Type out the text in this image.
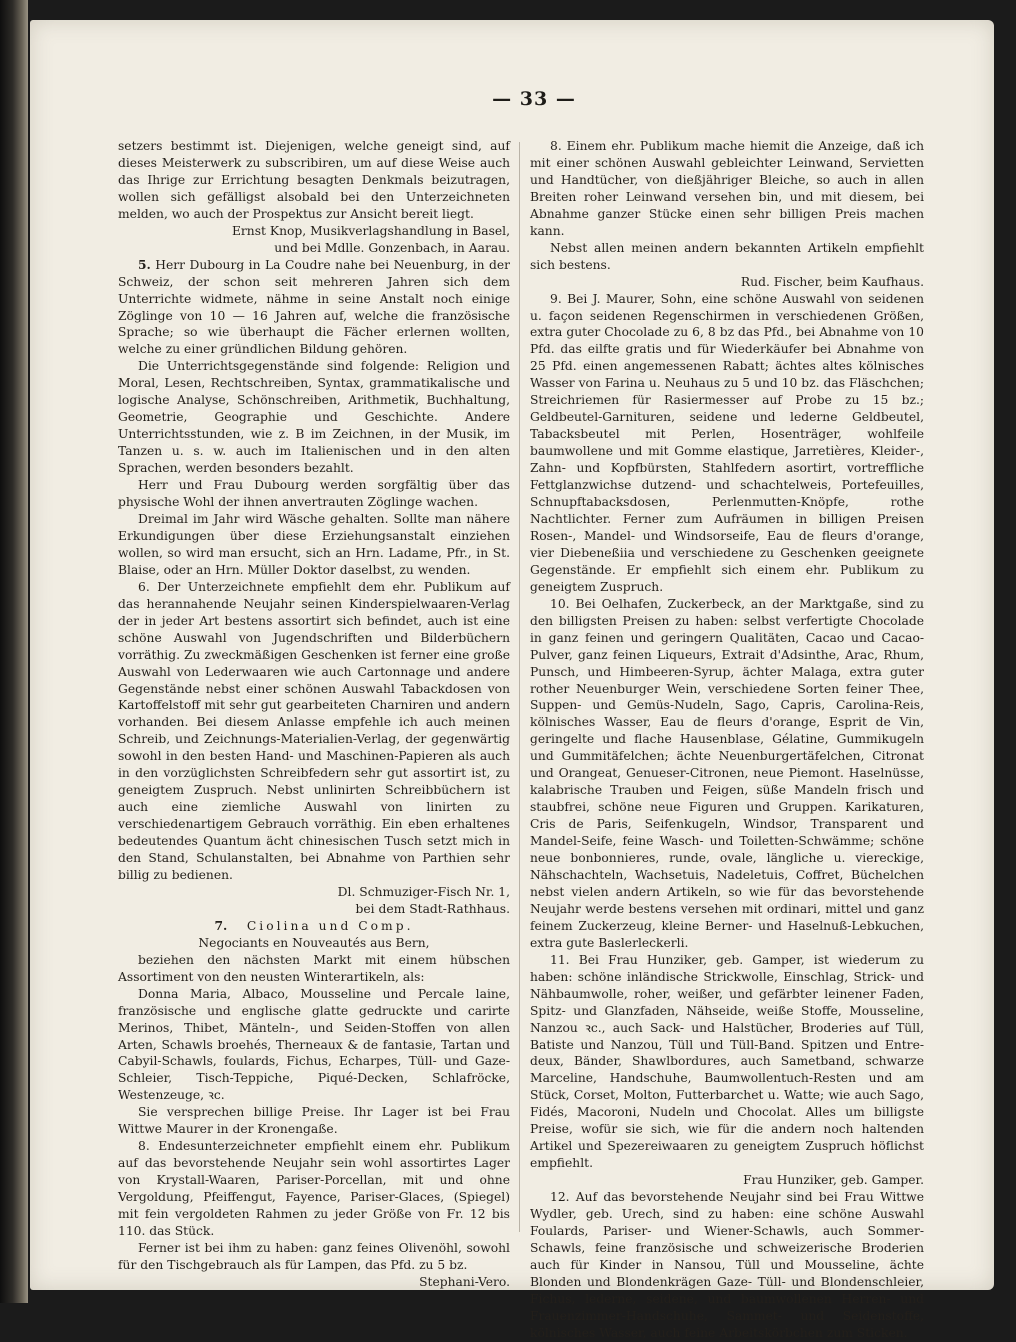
— 33 —

setzers bestimmt ist. Diejenigen, welche geneigt sind, auf dieses Meisterwerk zu subscribiren, um auf diese Weise auch das Ihrige zur Errichtung besagten Denkmals beizutragen, wollen sich gefälligst alsobald bei den Unterzeichneten melden, wo auch der Prospektus zur Ansicht bereit liegt.

Ernst Knop, Musikverlagshandlung in Basel,

und bei Mdlle. Gonzenbach, in Aarau.

5. Herr Dubourg in La Coudre nahe bei Neuenburg, in der Schweiz, der schon seit mehreren Jahren sich dem Unterrichte widmete, nähme in seine Anstalt noch einige Zöglinge von 10 — 16 Jahren auf, welche die französische Sprache; so wie überhaupt die Fächer erlernen wollten, welche zu einer gründlichen Bildung gehören.

Die Unterrichtsgegenstände sind folgende: Religion und Moral, Lesen, Rechtschreiben, Syntax, grammatikalische und logische Analyse, Schönschreiben, Arithmetik, Buchhaltung, Geometrie, Geographie und Geschichte. Andere Unterrichtsstunden, wie z. B im Zeichnen, in der Musik, im Tanzen u. s. w. auch im Italienischen und in den alten Sprachen, werden besonders bezahlt.

Herr und Frau Dubourg werden sorgfältig über das physische Wohl der ihnen anvertrauten Zöglinge wachen.

Dreimal im Jahr wird Wäsche gehalten. Sollte man nähere Erkundigungen über diese Erziehungsanstalt einziehen wollen, so wird man ersucht, sich an Hrn. Ladame, Pfr., in St. Blaise, oder an Hrn. Müller Doktor daselbst, zu wenden.

6. Der Unterzeichnete empfiehlt dem ehr. Publikum auf das herannahende Neujahr seinen Kinderspielwaaren-Verlag der in jeder Art bestens assortirt sich befindet, auch ist eine schöne Auswahl von Jugendschriften und Bilderbüchern vorräthig. Zu zweckmäßigen Geschenken ist ferner eine große Auswahl von Lederwaaren wie auch Cartonnage und andere Gegenstände nebst einer schönen Auswahl Tabackdosen von Kartoffelstoff mit sehr gut gearbeiteten Charniren und andern vorhanden. Bei diesem Anlasse empfehle ich auch meinen Schreib, und Zeichnungs-Materialien-Verlag, der gegenwärtig sowohl in den besten Hand- und Maschinen-Papieren als auch in den vorzüglichsten Schreibfedern sehr gut assortirt ist, zu geneigtem Zuspruch. Nebst unlinirten Schreibbüchern ist auch eine ziemliche Auswahl von linirten zu verschiedenartigem Gebrauch vorräthig. Ein eben erhaltenes bedeutendes Quantum ächt chinesischen Tusch setzt mich in den Stand, Schulanstalten, bei Abnahme von Parthien sehr billig zu bedienen.

Dl. Schmuziger-Fisch Nr. 1,

bei dem Stadt-Rathhaus.

7. Ciolina und Comp.

Negociants en Nouveautés aus Bern,

beziehen den nächsten Markt mit einem hübschen Assortiment von den neusten Winterartikeln, als:

Donna Maria, Albaco, Mousseline und Percale laine, französische und englische glatte gedruckte und carirte Merinos, Thibet, Mänteln-, und Seiden-Stoffen von allen Arten, Schawls broehés, Therneaux & de fantasie, Tartan und Cabyil-Schawls, foulards, Fichus, Echarpes, Tüll- und Gaze-Schleier, Tisch-Teppiche, Piqué-Decken, Schlafröcke, Westenzeuge, ꝛc.

Sie versprechen billige Preise. Ihr Lager ist bei Frau Wittwe Maurer in der Kronengaße.

8. Endesunterzeichneter empfiehlt einem ehr. Publikum auf das bevorstehende Neujahr sein wohl assortirtes Lager von Krystall-Waaren, Pariser-Porcellan, mit und ohne Vergoldung, Pfeiffengut, Fayence, Pariser-Glaces, (Spiegel) mit fein vergoldeten Rahmen zu jeder Größe von Fr. 12 bis 110. das Stück.

Ferner ist bei ihm zu haben: ganz feines Olivenöhl, sowohl für den Tischgebrauch als für Lampen, das Pfd. zu 5 bz.

Stephani-Vero.

8. Einem ehr. Publikum mache hiemit die Anzeige, daß ich mit einer schönen Auswahl gebleichter Leinwand, Servietten und Handtücher, von dießjähriger Bleiche, so auch in allen Breiten roher Leinwand versehen bin, und mit diesem, bei Abnahme ganzer Stücke einen sehr billigen Preis machen kann.

Nebst allen meinen andern bekannten Artikeln empfiehlt sich bestens.

Rud. Fischer, beim Kaufhaus.

9. Bei J. Maurer, Sohn, eine schöne Auswahl von seidenen u. façon seidenen Regenschirmen in verschiedenen Größen, extra guter Chocolade zu 6, 8 bz das Pfd., bei Abnahme von 10 Pfd. das eilfte gratis und für Wiederkäufer bei Abnahme von 25 Pfd. einen angemessenen Rabatt; ächtes altes kölnisches Wasser von Farina u. Neuhaus zu 5 und 10 bz. das Fläschchen; Streichriemen für Rasiermesser auf Probe zu 15 bz.; Geldbeutel-Garnituren, seidene und lederne Geldbeutel, Tabacksbeutel mit Perlen, Hosenträger, wohlfeile baumwollene und mit Gomme elastique, Jarretières, Kleider-, Zahn- und Kopfbürsten, Stahlfedern asortirt, vortreffliche Fettglanzwichse dutzend- und schachtelweis, Portefeuilles, Schnupftabacksdosen, Perlenmutten-Knöpfe, rothe Nachtlichter. Ferner zum Aufräumen in billigen Preisen Rosen-, Mandel- und Windsorseife, Eau de fleurs d'orange, vier Diebeneßiia und verschiedene zu Geschenken geeignete Gegenstände. Er empfiehlt sich einem ehr. Publikum zu geneigtem Zuspruch.

10. Bei Oelhafen, Zuckerbeck, an der Marktgaße, sind zu den billigsten Preisen zu haben: selbst verfertigte Chocolade in ganz feinen und geringern Qualitäten, Cacao und Cacao-Pulver, ganz feinen Liqueurs, Extrait d'Adsinthe, Arac, Rhum, Punsch, und Himbeeren-Syrup, ächter Malaga, extra guter rother Neuenburger Wein, verschiedene Sorten feiner Thee, Suppen- und Gemüs-Nudeln, Sago, Capris, Carolina-Reis, kölnisches Wasser, Eau de fleurs d'orange, Esprit de Vin, geringelte und flache Hausenblase, Gélatine, Gummikugeln und Gummitäfelchen; ächte Neuenburgertäfelchen, Citronat und Orangeat, Genueser-Citronen, neue Piemont. Haselnüsse, kalabrische Trauben und Feigen, süße Mandeln frisch und staubfrei, schöne neue Figuren und Gruppen. Karikaturen, Cris de Paris, Seifenkugeln, Windsor, Transparent und Mandel-Seife, feine Wasch- und Toiletten-Schwämme; schöne neue bonbonnieres, runde, ovale, längliche u. viereckige, Nähschachteln, Wachsetuis, Nadeletuis, Coffret, Büchelchen nebst vielen andern Artikeln, so wie für das bevorstehende Neujahr werde bestens versehen mit ordinari, mittel und ganz feinem Zuckerzeug, kleine Berner- und Haselnuß-Lebkuchen, extra gute Baslerleckerli.

11. Bei Frau Hunziker, geb. Gamper, ist wiederum zu haben: schöne inländische Strickwolle, Einschlag, Strick- und Nähbaumwolle, roher, weißer, und gefärbter leinener Faden, Spitz- und Glanzfaden, Nähseide, weiße Stoffe, Mousseline, Nanzou ꝛc., auch Sack- und Halstücher, Broderies auf Tüll, Batiste und Nanzou, Tüll und Tüll-Band. Spitzen und Entre-deux, Bänder, Shawlbordures, auch Sametband, schwarze Marceline, Handschuhe, Baumwollentuch-Resten und am Stück, Corset, Molton, Futterbarchet u. Watte; wie auch Sago, Fidés, Macoroni, Nudeln und Chocolat. Alles um billigste Preise, wofür sie sich, wie für die andern noch haltenden Artikel und Spezereiwaaren zu geneigtem Zuspruch höflichst empfiehlt.

Frau Hunziker, geb. Gamper.

12. Auf das bevorstehende Neujahr sind bei Frau Wittwe Wydler, geb. Urech, sind zu haben: eine schöne Auswahl Foulards, Pariser- und Wiener-Schawls, auch Sommer-Schawls, feine französische und schweizerische Broderien auch für Kinder in Nansou, Tüll und Mousseline, ächte Blonden und Blondenkrägen Gaze- Tüll- und Blondenschleier, Fichus, lederne, seidene, und baumwollenen Herren- und Frauenzimmer-Handschuhe, Sammet- und Seidenstoffe, kölnisches Wasser, auch feine Arbeitskörbchen zum Sticken.
